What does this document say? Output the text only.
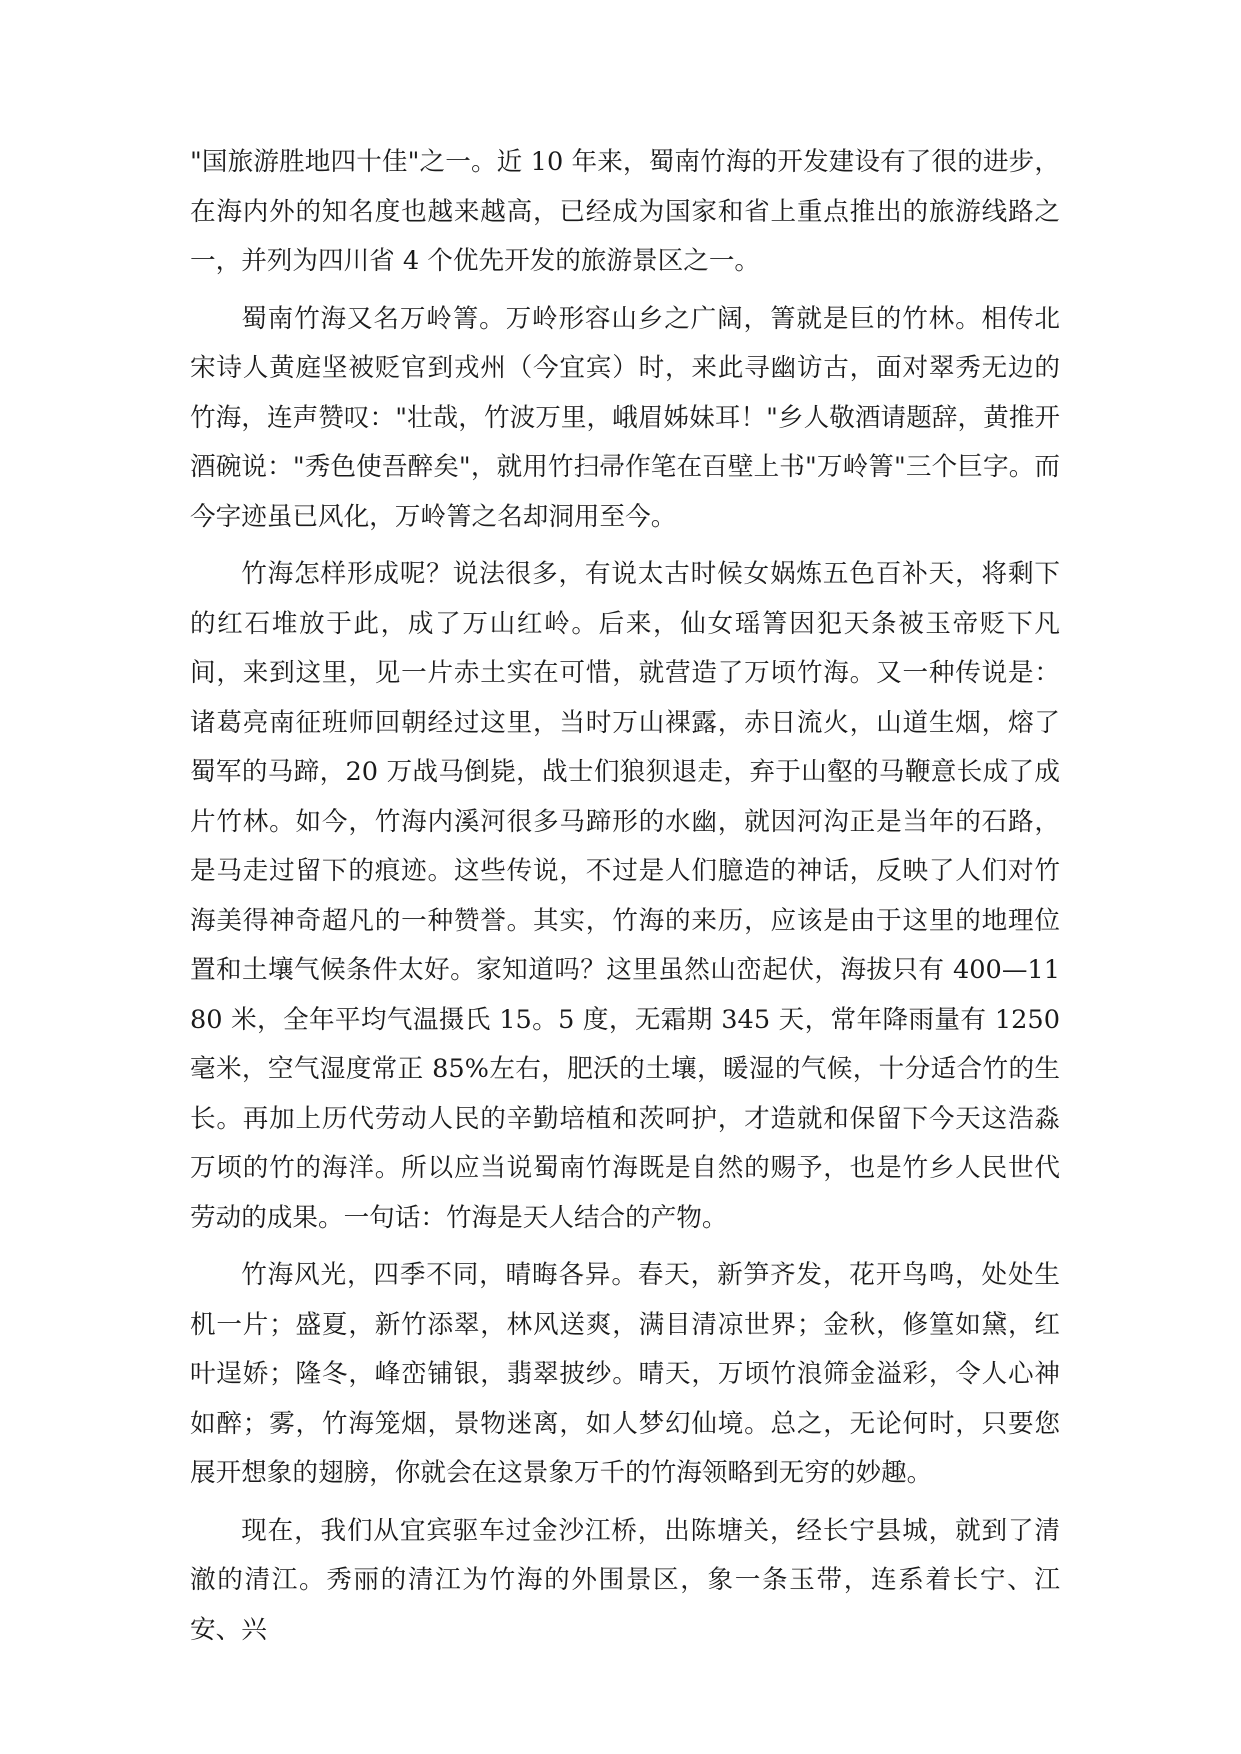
"国旅游胜地四十佳"之一。近 10 年来，蜀南竹海的开发建设有了很的进步，在海内外的知名度也越来越高，已经成为国家和省上重点推出的旅游线路之一，并列为四川省 4 个优先开发的旅游景区之一。

蜀南竹海又名万岭箐。万岭形容山乡之广阔，箐就是巨的竹林。相传北宋诗人黄庭坚被贬官到戎州（今宜宾）时，来此寻幽访古，面对翠秀无边的竹海，连声赞叹："壮哉，竹波万里，峨眉姊妹耳！"乡人敬酒请题辞，黄推开酒碗说："秀色使吾醉矣"，就用竹扫帚作笔在百壁上书"万岭箐"三个巨字。而今字迹虽已风化，万岭箐之名却洞用至今。

竹海怎样形成呢？说法很多，有说太古时候女娲炼五色百补天，将剩下的红石堆放于此，成了万山红岭。后来，仙女瑶箐因犯天条被玉帝贬下凡间，来到这里，见一片赤土实在可惜，就营造了万顷竹海。又一种传说是：诸葛亮南征班师回朝经过这里，当时万山裸露，赤日流火，山道生烟，熔了蜀军的马蹄，20 万战马倒毙，战士们狼狈退走，弃于山壑的马鞭意长成了成片竹林。如今，竹海内溪河很多马蹄形的水幽，就因河沟正是当年的石路，是马走过留下的痕迹。这些传说，不过是人们臆造的神话，反映了人们对竹海美得神奇超凡的一种赞誉。其实，竹海的来历，应该是由于这里的地理位置和土壤气候条件太好。家知道吗？这里虽然山峦起伏，海拔只有 400—1180 米，全年平均气温摄氏 15。5 度，无霜期 345 天，常年降雨量有 1250 毫米，空气湿度常正 85%左右，肥沃的土壤，暖湿的气候，十分适合竹的生长。再加上历代劳动人民的辛勤培植和茨呵护，才造就和保留下今天这浩淼万顷的竹的海洋。所以应当说蜀南竹海既是自然的赐予，也是竹乡人民世代劳动的成果。一句话：竹海是天人结合的产物。

竹海风光，四季不同，晴晦各异。春天，新笋齐发，花开鸟鸣，处处生机一片；盛夏，新竹添翠，林风送爽，满目清凉世界；金秋，修篁如黛，红叶逞娇；隆冬，峰峦铺银，翡翠披纱。晴天，万顷竹浪筛金溢彩，令人心神如醉；雾，竹海笼烟，景物迷离，如人梦幻仙境。总之，无论何时，只要您展开想象的翅膀，你就会在这景象万千的竹海领略到无穷的妙趣。

现在，我们从宜宾驱车过金沙江桥，出陈塘关，经长宁县城，就到了清澈的清江。秀丽的清江为竹海的外围景区，象一条玉带，连系着长宁、江安、兴
